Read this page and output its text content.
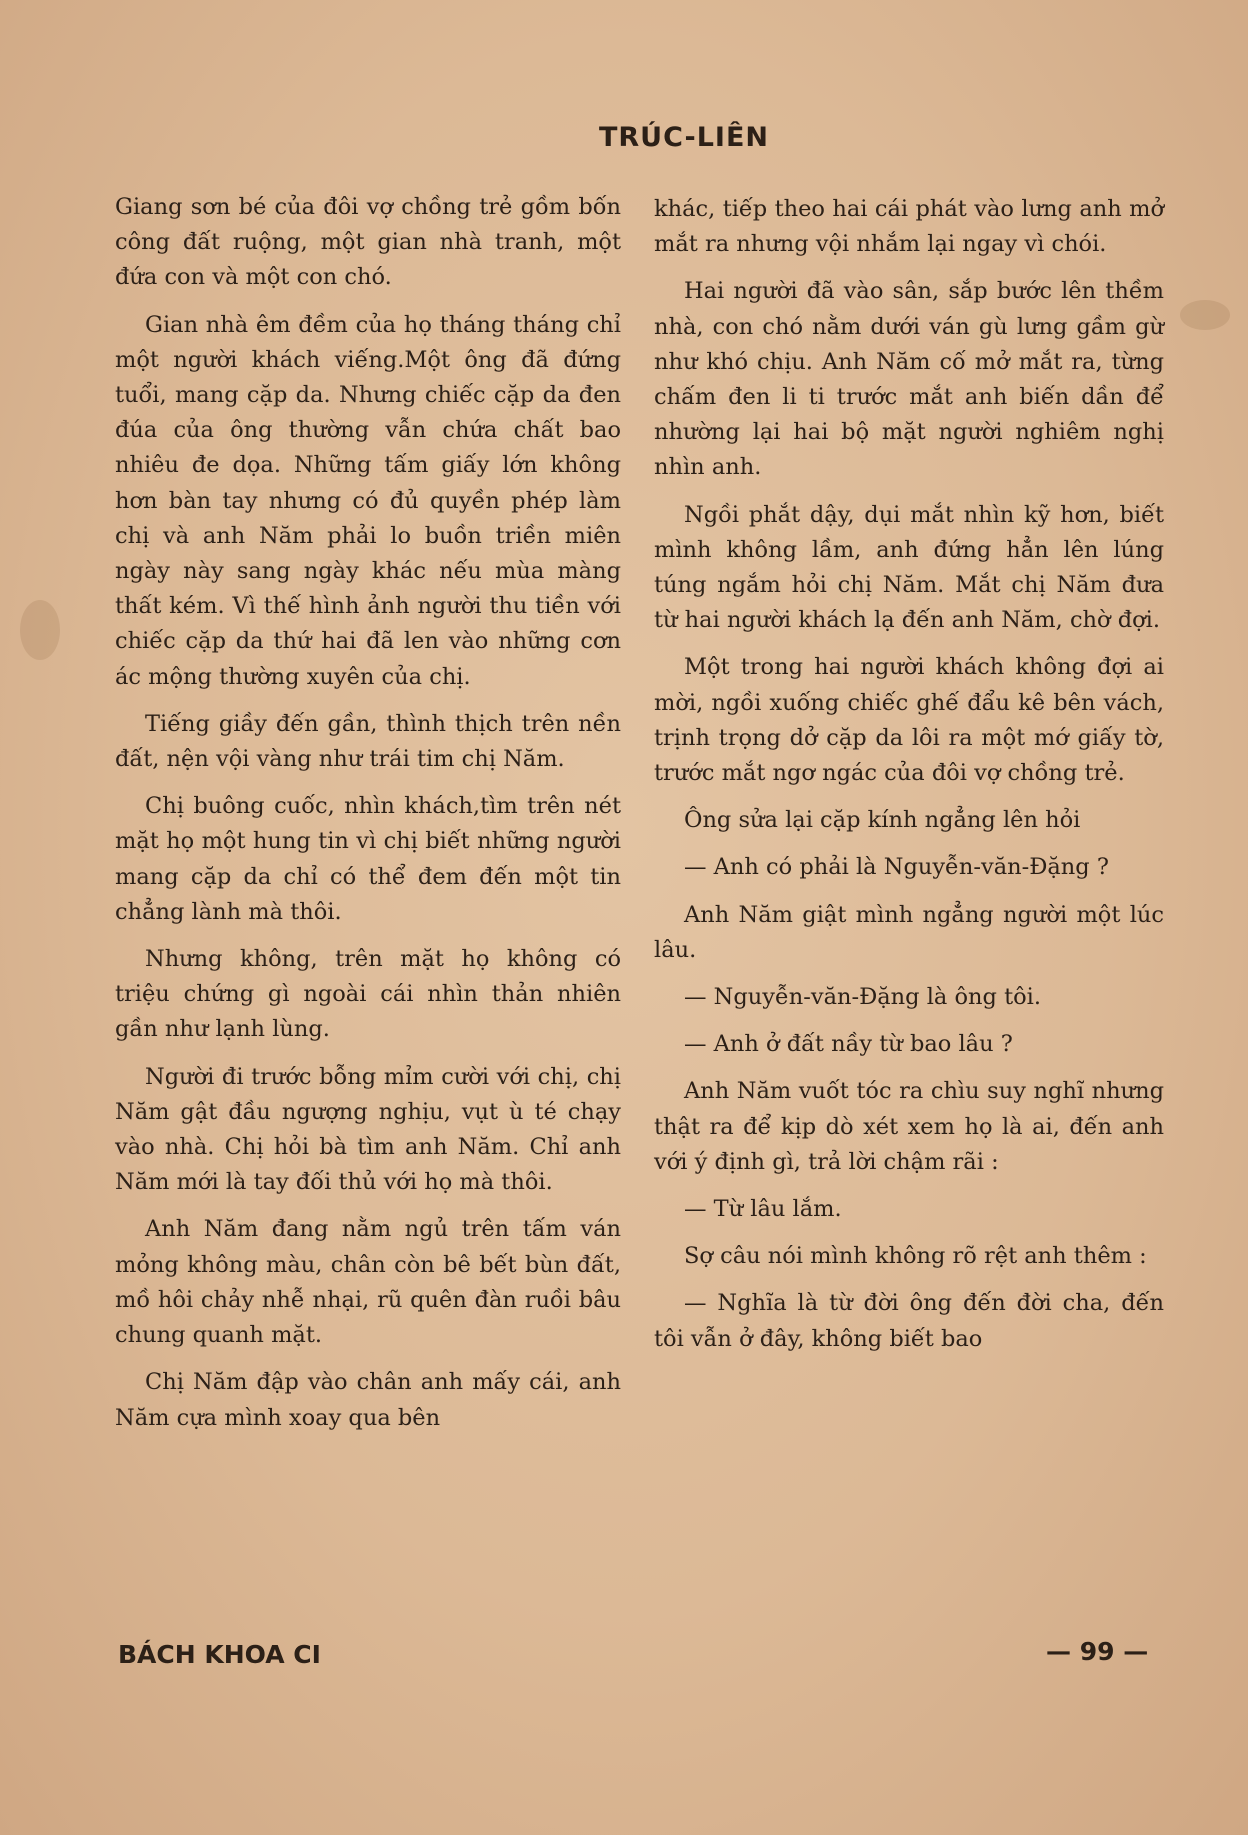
TRÚC-LIÊN

Giang sơn bé của đôi vợ chồng trẻ gồm bốn công đất ruộng, một gian nhà tranh, một đứa con và một con chó.

Gian nhà êm đềm của họ tháng tháng chỉ một người khách viếng.Một ông đã đứng tuổi, mang cặp da. Nhưng chiếc cặp da đen đúa của ông thường vẫn chứa chất bao nhiêu đe dọa. Những tấm giấy lớn không hơn bàn tay nhưng có đủ quyền phép làm chị và anh Năm phải lo buồn triền miên ngày này sang ngày khác nếu mùa màng thất kém. Vì thế hình ảnh người thu tiền với chiếc cặp da thứ hai đã len vào những cơn ác mộng thường xuyên của chị.

Tiếng giầy đến gần, thình thịch trên nền đất, nện vội vàng như trái tim chị Năm.

Chị buông cuốc, nhìn khách,tìm trên nét mặt họ một hung tin vì chị biết những người mang cặp da chỉ có thể đem đến một tin chẳng lành mà thôi.

Nhưng không, trên mặt họ không có triệu chứng gì ngoài cái nhìn thản nhiên gần như lạnh lùng.

Người đi trước bỗng mỉm cười với chị, chị Năm gật đầu ngượng nghịu, vụt ù té chạy vào nhà. Chị hỏi bà tìm anh Năm. Chỉ anh Năm mới là tay đối thủ với họ mà thôi.

Anh Năm đang nằm ngủ trên tấm ván mỏng không màu, chân còn bê bết bùn đất, mồ hôi chảy nhễ nhại, rũ quên đàn ruồi bâu chung quanh mặt.

Chị Năm đập vào chân anh mấy cái, anh Năm cựa mình xoay qua bên

khác, tiếp theo hai cái phát vào lưng anh mở mắt ra nhưng vội nhắm lại ngay vì chói.

Hai người đã vào sân, sắp bước lên thềm nhà, con chó nằm dưới ván gù lưng gầm gừ như khó chịu. Anh Năm cố mở mắt ra, từng chấm đen li ti trước mắt anh biến dần để nhường lại hai bộ mặt người nghiêm nghị nhìn anh.

Ngồi phắt dậy, dụi mắt nhìn kỹ hơn, biết mình không lầm, anh đứng hẳn lên lúng túng ngắm hỏi chị Năm. Mắt chị Năm đưa từ hai người khách lạ đến anh Năm, chờ đợi.

Một trong hai người khách không đợi ai mời, ngồi xuống chiếc ghế đẩu kê bên vách, trịnh trọng dở cặp da lôi ra một mớ giấy tờ, trước mắt ngơ ngác của đôi vợ chồng trẻ.

Ông sửa lại cặp kính ngẳng lên hỏi

— Anh có phải là Nguyễn-văn-Đặng ?

Anh Năm giật mình ngẳng người một lúc lâu.

— Nguyễn-văn-Đặng là ông tôi.

— Anh ở đất nầy từ bao lâu ?

Anh Năm vuốt tóc ra chìu suy nghĩ nhưng thật ra để kịp dò xét xem họ là ai, đến anh với ý định gì, trả lời chậm rãi :

— Từ lâu lắm.

Sợ câu nói mình không rõ rệt anh thêm :

— Nghĩa là từ đời ông đến đời cha, đến tôi vẫn ở đây, không biết bao

BÁCH KHOA CI	— 99 —
